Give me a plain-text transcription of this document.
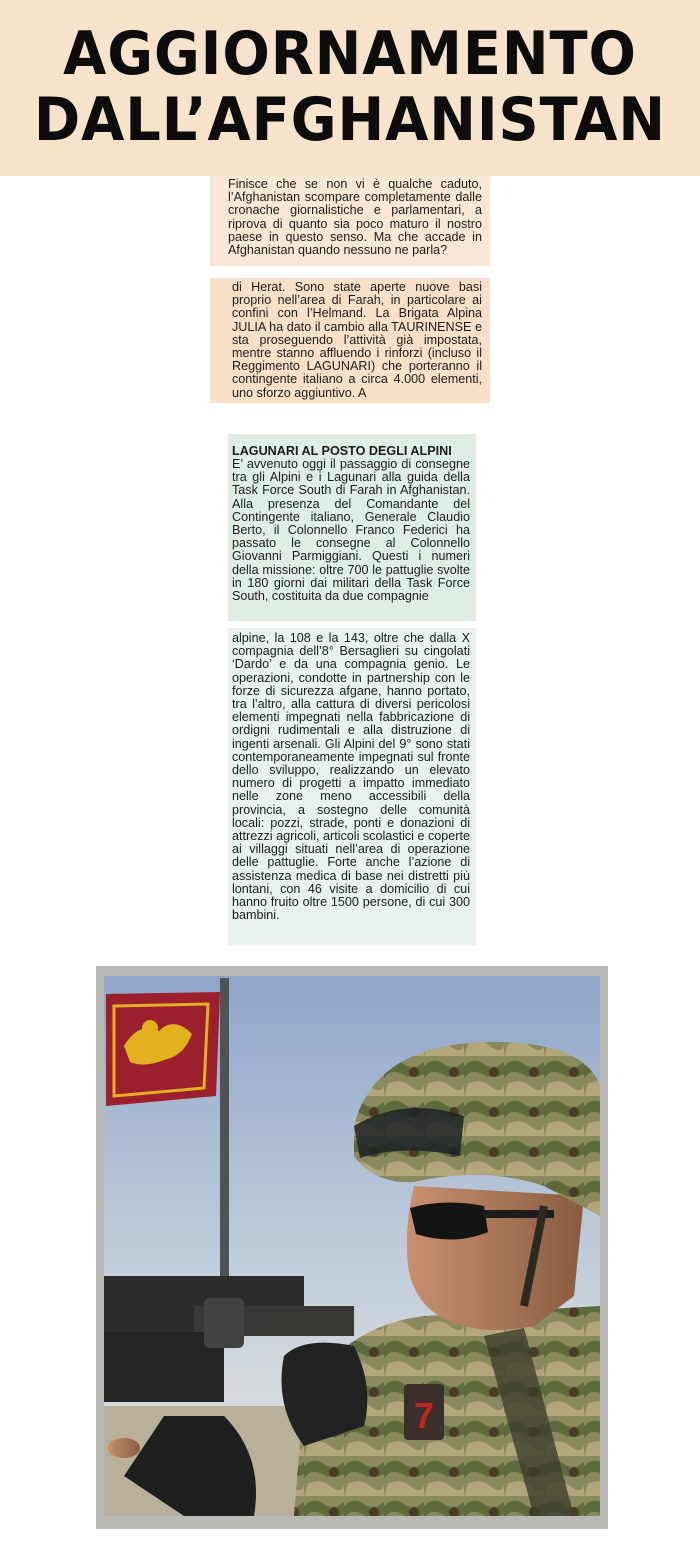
AGGIORNAMENTO
DALL’AFGHANISTAN

Finisce che se non vi è qualche caduto, l’Afghanistan scompare completamente dalle cronache giornalistiche e parlamentari, a riprova di quanto sia poco maturo il nostro paese in questo senso. Ma che accade in Afghanistan quando nessuno ne parla?

di Herat. Sono state aperte nuove basi proprio nell’area di Farah, in particolare ai confini con l’Helmand. La Brigata Alpina JULIA ha dato il cambio alla TAURINENSE e sta proseguendo l’attività già impostata, mentre stanno affluendo i rinforzi (incluso il Reggimento LAGUNARI) che porteranno il contingente italiano a circa 4.000 elementi, uno sforzo aggiuntivo. A

LAGUNARI AL POSTO DEGLI ALPINI

E’ avvenuto oggi il passaggio di consegne tra gli Alpini e i Lagunari alla guida della Task Force South di Farah in Afghanistan. Alla presenza del Comandante del Contingente italiano, Generale Claudio Berto, il Colonnello Franco Federici ha passato le consegne al Colonnello Giovanni Parmiggiani. Questi i numeri della missione: oltre 700 le pattuglie svolte in 180 giorni dai militari della Task Force South, costituita da due compagnie

alpine, la 108 e la 143, oltre che dalla X compagnia dell’8° Bersaglieri su cingolati ‘Dardo’ e da una compagnia genio. Le operazioni, condotte in partnership con le forze di sicurezza afgane, hanno portato, tra l’altro, alla cattura di diversi pericolosi elementi impegnati nella fabbricazione di ordigni rudimentali e alla distruzione di ingenti arsenali. Gli Alpini del 9° sono stati contemporaneamente impegnati sul fronte dello sviluppo, realizzando un elevato numero di progetti a impatto immediato nelle zone meno accessibili della provincia, a sostegno delle comunità locali: pozzi, strade, ponti e donazioni di attrezzi agricoli, articoli scolastici e coperte ai villaggi situati nell’area di operazione delle pattuglie. Forte anche l’azione di assistenza medica di base nei distretti più lontani, con 46 visite a domicilio di cui hanno fruito oltre 1500 persone, di cui 300 bambini.

7
